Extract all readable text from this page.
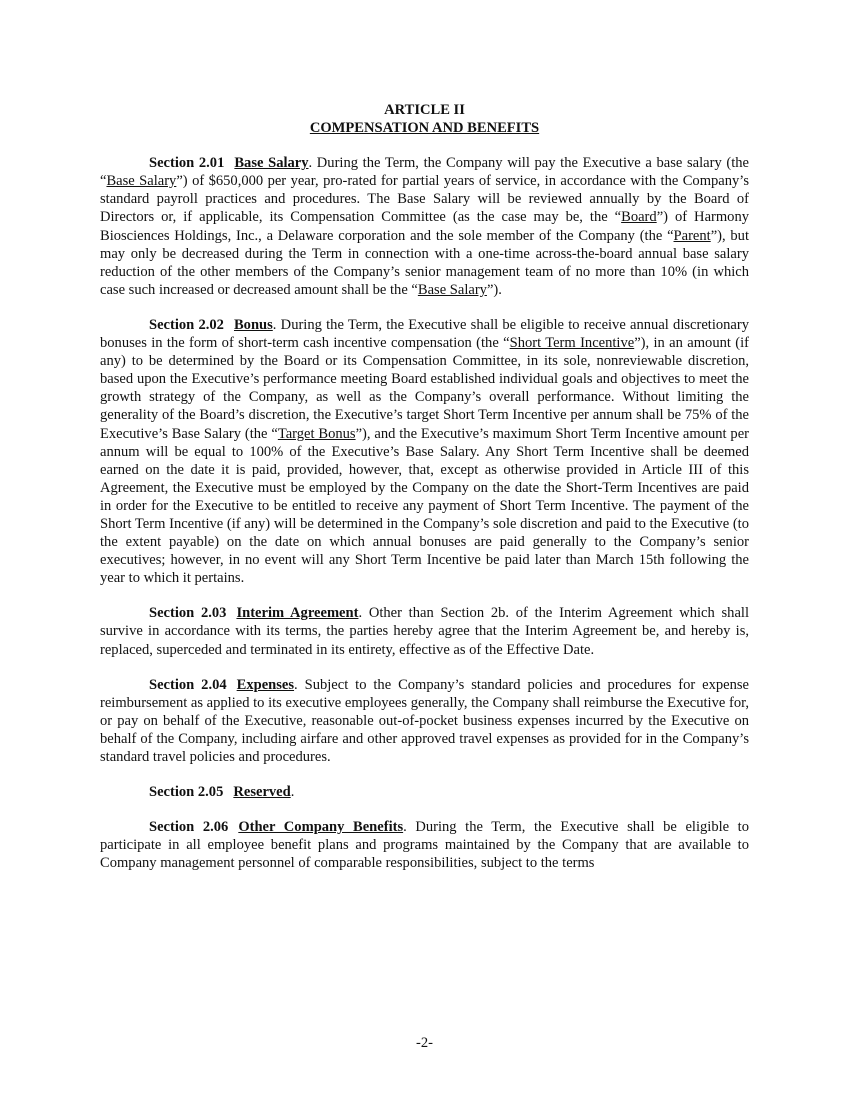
ARTICLE II
COMPENSATION AND BENEFITS

Section 2.01 Base Salary. During the Term, the Company will pay the Executive a base salary (the “Base Salary”) of $650,000 per year, pro-rated for partial years of service, in accordance with the Company’s standard payroll practices and procedures. The Base Salary will be reviewed annually by the Board of Directors or, if applicable, its Compensation Committee (as the case may be, the “Board”) of Harmony Biosciences Holdings, Inc., a Delaware corporation and the sole member of the Company (the “Parent”), but may only be decreased during the Term in connection with a one-time across-the-board annual base salary reduction of the other members of the Company’s senior management team of no more than 10% (in which case such increased or decreased amount shall be the “Base Salary”).

Section 2.02 Bonus. During the Term, the Executive shall be eligible to receive annual discretionary bonuses in the form of short-term cash incentive compensation (the “Short Term Incentive”), in an amount (if any) to be determined by the Board or its Compensation Committee, in its sole, nonreviewable discretion, based upon the Executive’s performance meeting Board established individual goals and objectives to meet the growth strategy of the Company, as well as the Company’s overall performance. Without limiting the generality of the Board’s discretion, the Executive’s target Short Term Incentive per annum shall be 75% of the Executive’s Base Salary (the “Target Bonus”), and the Executive’s maximum Short Term Incentive amount per annum will be equal to 100% of the Executive’s Base Salary. Any Short Term Incentive shall be deemed earned on the date it is paid, provided, however, that, except as otherwise provided in Article III of this Agreement, the Executive must be employed by the Company on the date the Short-Term Incentives are paid in order for the Executive to be entitled to receive any payment of Short Term Incentive. The payment of the Short Term Incentive (if any) will be determined in the Company’s sole discretion and paid to the Executive (to the extent payable) on the date on which annual bonuses are paid generally to the Company’s senior executives; however, in no event will any Short Term Incentive be paid later than March 15th following the year to which it pertains.

Section 2.03 Interim Agreement. Other than Section 2b. of the Interim Agreement which shall survive in accordance with its terms, the parties hereby agree that the Interim Agreement be, and hereby is, replaced, superceded and terminated in its entirety, effective as of the Effective Date.

Section 2.04 Expenses. Subject to the Company’s standard policies and procedures for expense reimbursement as applied to its executive employees generally, the Company shall reimburse the Executive for, or pay on behalf of the Executive, reasonable out-of-pocket business expenses incurred by the Executive on behalf of the Company, including airfare and other approved travel expenses as provided for in the Company’s standard travel policies and procedures.

Section 2.05 Reserved.

Section 2.06 Other Company Benefits. During the Term, the Executive shall be eligible to participate in all employee benefit plans and programs maintained by the Company that are available to Company management personnel of comparable responsibilities, subject to the terms

-2-
